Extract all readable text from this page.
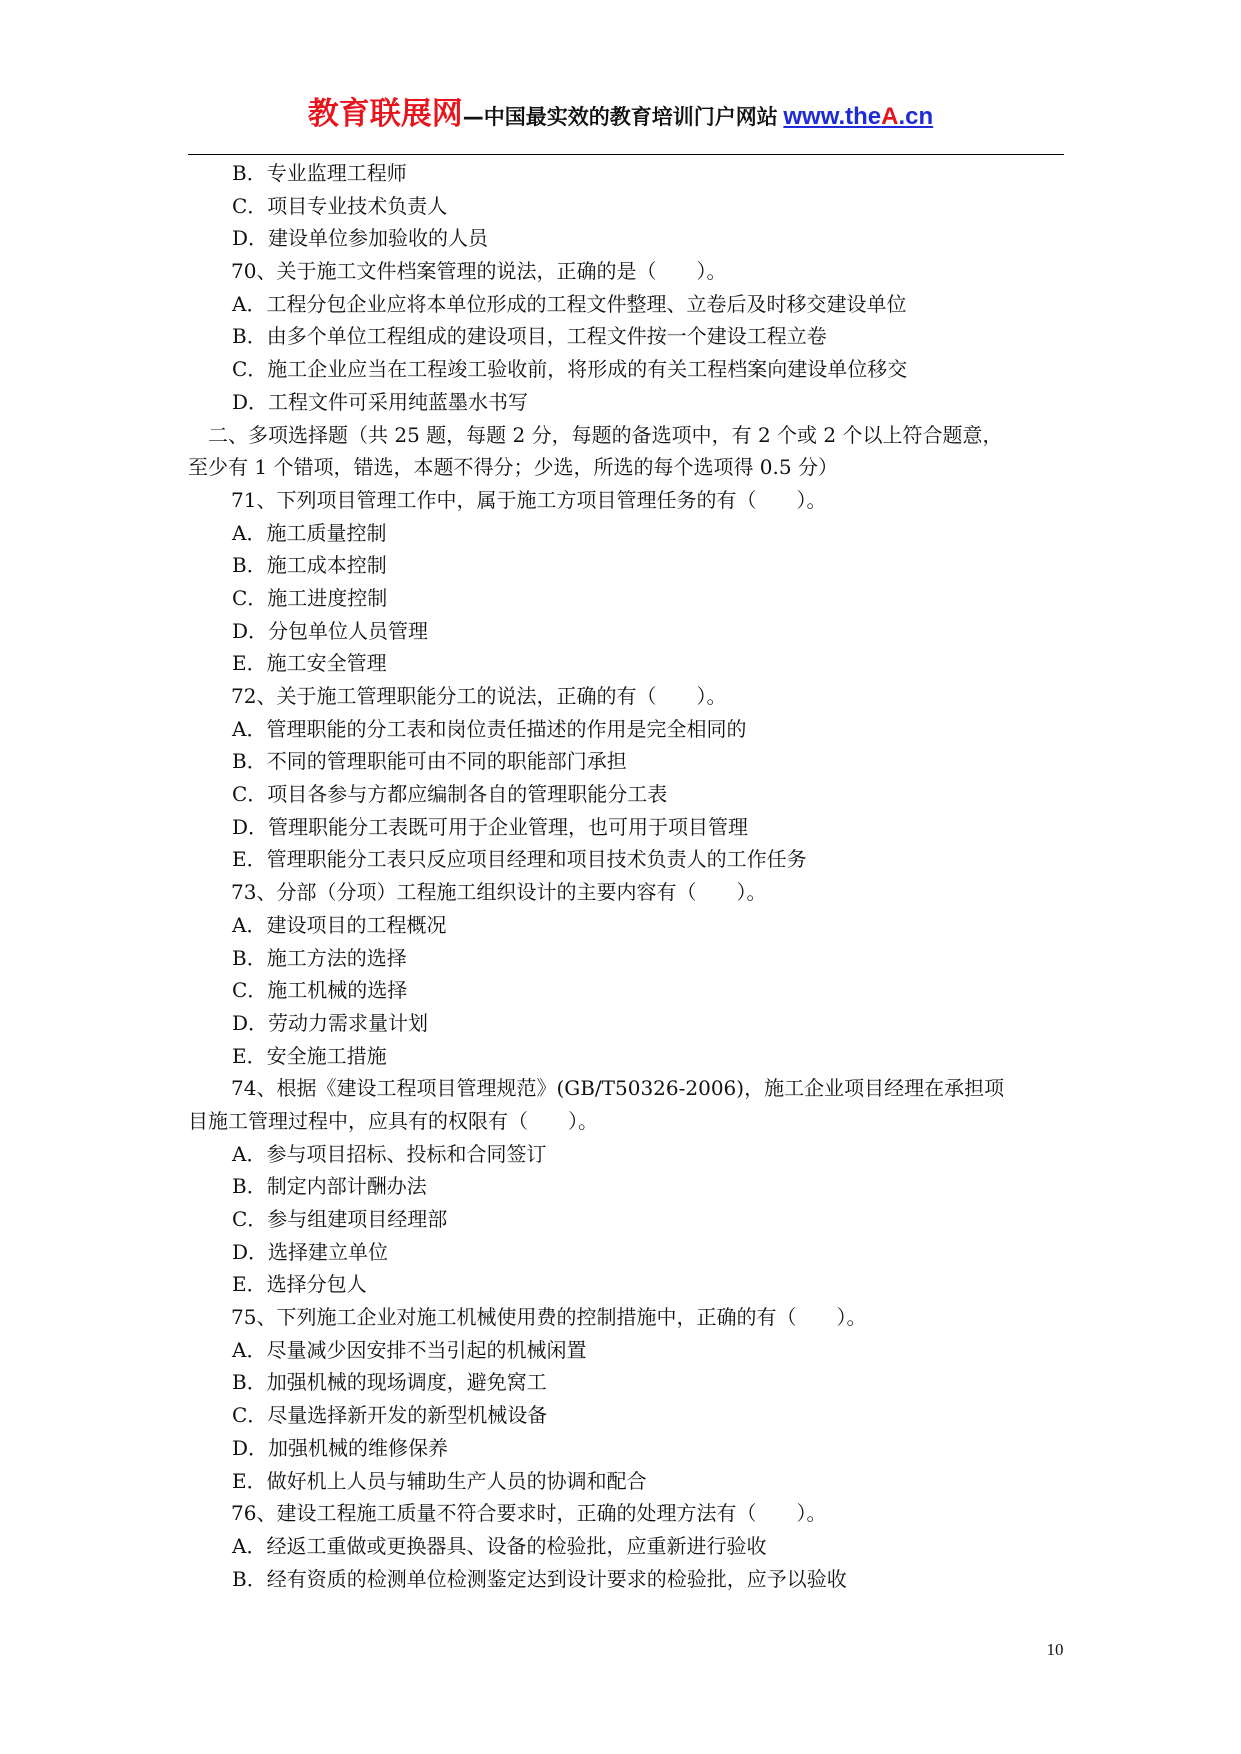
教育联展网—中国最实效的教育培训门户网站 www.theA.cn
B．专业监理工程师
C．项目专业技术负责人
D．建设单位参加验收的人员
70、关于施工文件档案管理的说法，正确的是（　　）。
A．工程分包企业应将本单位形成的工程文件整理、立卷后及时移交建设单位
B．由多个单位工程组成的建设项目，工程文件按一个建设工程立卷
C．施工企业应当在工程竣工验收前，将形成的有关工程档案向建设单位移交
D．工程文件可采用纯蓝墨水书写
二、多项选择题（共 25 题，每题 2 分，每题的备选项中，有 2 个或 2 个以上符合题意，
至少有 1 个错项，错选，本题不得分；少选，所选的每个选项得 0.5 分）
71、下列项目管理工作中，属于施工方项目管理任务的有（　　）。
A．施工质量控制
B．施工成本控制
C．施工进度控制
D．分包单位人员管理
E．施工安全管理
72、关于施工管理职能分工的说法，正确的有（　　）。
A．管理职能的分工表和岗位责任描述的作用是完全相同的
B．不同的管理职能可由不同的职能部门承担
C．项目各参与方都应编制各自的管理职能分工表
D．管理职能分工表既可用于企业管理，也可用于项目管理
E．管理职能分工表只反应项目经理和项目技术负责人的工作任务
73、分部（分项）工程施工组织设计的主要内容有（　　）。
A．建设项目的工程概况
B．施工方法的选择
C．施工机械的选择
D．劳动力需求量计划
E．安全施工措施
74、根据《建设工程项目管理规范》(GB/T50326-2006)，施工企业项目经理在承担项
目施工管理过程中，应具有的权限有（　　）。
A．参与项目招标、投标和合同签订
B．制定内部计酬办法
C．参与组建项目经理部
D．选择建立单位
E．选择分包人
75、下列施工企业对施工机械使用费的控制措施中，正确的有（　　）。
A．尽量减少因安排不当引起的机械闲置
B．加强机械的现场调度，避免窝工
C．尽量选择新开发的新型机械设备
D．加强机械的维修保养
E．做好机上人员与辅助生产人员的协调和配合
76、建设工程施工质量不符合要求时，正确的处理方法有（　　）。
A．经返工重做或更换器具、设备的检验批，应重新进行验收
B．经有资质的检测单位检测鉴定达到设计要求的检验批，应予以验收
10
